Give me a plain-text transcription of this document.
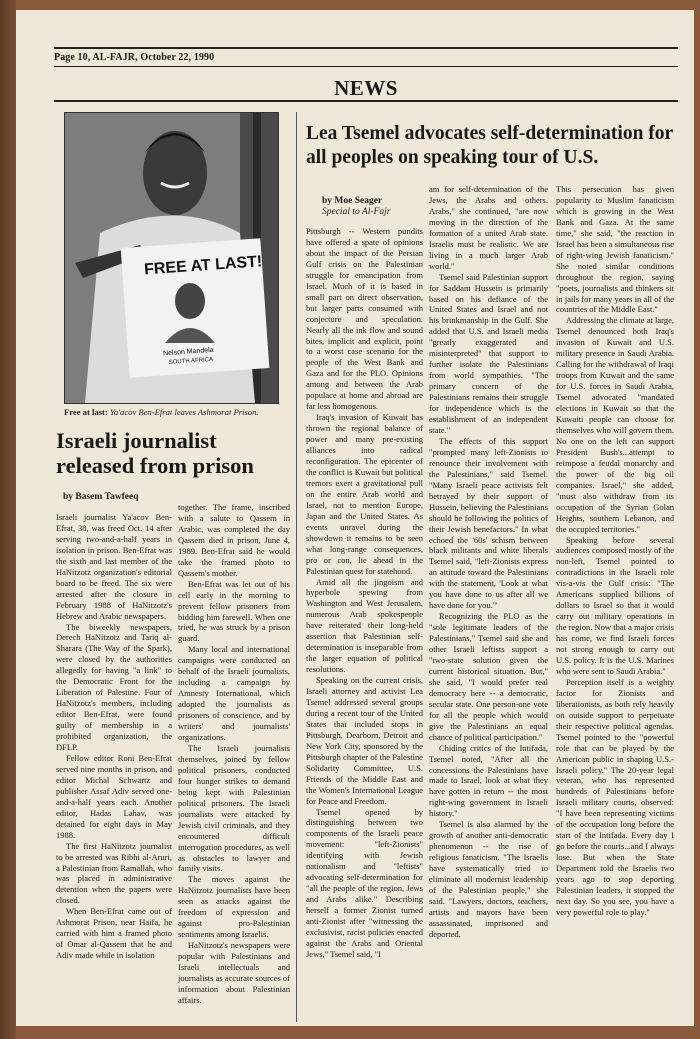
Page 10, AL-FAJR, October 22, 1990
NEWS
FREE AT LAST!
Nelson Mandela
SOUTH AFRICA
Free at last: Ya'acov Ben-Efrat leaves Ashmorat Prison.
Israeli journalist released from prison
by Basem Tawfeeq

Israeli journalist Ya'acov Ben-Efrat, 38, was freed Oct. 14 after serving two-and-a-half years in isolation in prison. Ben-Efrat was the sixth and last member of the HaNitzotz organization's editorial board to be freed. The six were arrested after the closure in February 1988 of HaNitzotz's Hebrew and Arabic newspapers.

The biweekly newspapers, Derech HaNitzotz and Tariq al-Sharara (The Way of the Spark), were closed by the authorities allegedly for having "a link" to the Democratic Front for the Liberation of Palestine. Four of HaNitzotz's members, including editor Ben-Efrat, were found guilty of membership in a prohibited organization, the DFLP.

Fellow editor Roni Ben-Efrat served nine months in prison, and editor Michal Schwartz and publisher Assaf Adiv served one-and-a-half years each. Another editor, Hadas Lahav, was detained for eight days in May 1988.

The first HaNitzotz journalist to be arrested was Ribhi al-Aruri, a Palestinian from Ramallah, who was placed in administrative detention when the papers were closed.

When Ben-Efrat came out of Ashmorat Prison, near Haifa, he carried with him a framed photo of Omar al-Qassem that he and Adiv made while in isolation

together. The frame, inscribed with a salute to Qassem in Arabic, was completed the day Qassem died in prison, June 4, 1989. Ben-Efrat said he would take the framed photo to Qassem's mother.

Ben-Efrat was let out of his cell early in the morning to prevent fellow prisoners from bidding him farewell. When one tried, he was struck by a prison guard.

Many local and international campaigns were conducted on behalf of the Israeli journalists, including a campaign by Amnesty International, which adopted the journalists as prisoners of conscience, and by writers' and journalists' organizations.

The Israeli journalists themselves, joined by fellow political prisoners, conducted four hunger strikes to demand being kept with Palestinian political prisoners. The Israeli journalists were attacked by Jewish civil criminals, and they encountered difficult interrogation procedures, as well as obstacles to lawyer and family visits.

The moves against the HaNitzotz journalists have been seen as attacks against the freedom of expression and against pro-Palestinian sentiments among Israelis.

HaNitzotz's newspapers were popular with Palestinians and Israeli intellectuals and journalists as accurate sources of information about Palestinian affairs.

Lea Tsemel advocates self-determination for all peoples on speaking tour of U.S.
by Moe Seager
Special to Al-Fajr

Pittsburgh -- Western pundits have offered a spate of opinions about the impact of the Persian Gulf crisis on the Palestinian struggle for emancipation from Israel. Much of it is based in small part on direct observation, but larger parts consumed with conjecture and speculation. Nearly all the ink flow and sound bites, implicit and explicit, point to a worst case scenario for the people of the West Bank and Gaza and for the PLO. Opinions among and between the Arab populace at home and abroad are far less homogenous.

Iraq's invasion of Kuwait has thrown the regional balance of power and many pre-existing alliances into radical reconfiguration. The epicenter of the conflict is Kuwait but political tremors exert a gravitational pull on the entire Arab world and Israel, not to mention Europe, Japan and the United States. As events unravel during the showdown it remains to be seen what long-range consequences, pro or con, lie ahead in the Palestinian quest for statehood.

Amid all the jingoism and hyperbole spewing from Washington and West Jerusalem, numerous Arab spokespeople have reiterated their long-held assertion that Palestinian self-determination is inseparable from the larger equation of political resolutions.

Speaking on the current crisis, Israeli attorney and activist Lea Tsemel addressed several groups during a recent tour of the United States that included stops in Pittsburgh, Dearborn, Detroit and New York City, sponsored by the Pittsburgh chapter of the Palestine Solidarity Committee, U.S. Friends of the Middle East and the Women's International League for Peace and Freedom.

Tsemel opened by distinguishing between two components of the Israeli peace movement: "left-Zionists" identifying with Jewish nationalism and "leftists" advocating self-determination for "all the people of the region, Jews and Arabs alike." Describing herself a former Zionist turned anti-Zionist after "witnessing the exclusivist, racist policies enacted against the Arabs and Oriental Jews," Tsemel said, "I

am for self-determination of the Jews, the Arabs and others. Arabs," she continued, "are now moving in the direction of the formation of a united Arab state. Israelis must be realistic. We are living in a much larger Arab world."

Tsemel said Palestinian support for Saddam Hussein is primarily based on his defiance of the United States and Israel and not his brinkmanship in the Gulf. She added that U.S. and Israeli media "greatly exaggerated and misinterpreted" that support to further isolate the Palestinians from world sympathies. "The primary concern of the Palestinians remains their struggle for independence which is the establishment of an independent state."

The effects of this support "prompted many left-Zionists to renounce their involvement with the Palestinians," said Tsemel. "Many Israeli peace activists felt betrayed by their support of Hussein, believing the Palestinians should be following the politics of their Jewish benefactors." In what echoed the '60s' schism between black militants and white liberals Tsemel said, "left-Zionists express an attitude toward the Palestinians with the statement, 'Look at what you have done to us after all we have done for you.'"

Recognizing the PLO as the "sole legitimate leaders of the Palestinians," Tsemel said she and other Israeli leftists support a "two-state solution given the current historical situation. But," she said, "I would prefer real democracy here -- a democratic, secular state. One person-one vote for all the people which would give the Palestinians an equal chance of political participation."

Chiding critics of the Intifada, Tsemel noted, "After all the concessions the Palestinians have made to Israel, look at what they have gotten in return -- the most right-wing government in Israeli history."

Tsemel is also alarmed by the growth of another anti-democratic phenomenon -- the rise of religious fanaticism. "The Israelis have systematically tried to eliminate all modernist leadership of the Palestinian people," she said. "Lawyers, doctors, teachers, artists and mayors have been assassinated, imprisoned and deported.

This persecution has given popularity to Muslim fanaticism which is growing in the West Bank and Gaza. At the same time," she said, "the reaction in Israel has been a simultaneous rise of right-wing Jewish fanaticism." She noted similar conditions throughout the region, saying "poets, journalists and thinkers sit in jails for many years in all of the countries of the Middle East."

Addressing the climate at large, Tsemel denounced both Iraq's invasion of Kuwait and U.S. military presence in Saudi Arabia. Calling for the withdrawal of Iraqi troops from Kuwait and the same for U.S. forces in Saudi Arabia, Tsemel advocated "mandated elections in Kuwait so that the Kuwaiti people can choose for themselves who will govern them. No one on the left can support President Bush's...attempt to reimpose a feudal monarchy and the power of the big oil companies. Israel," she added, "must also withdraw from its occupation of the Syrian Golan Heights, southern Lebanon, and the occupied territories."

Speaking before several audiences composed mostly of the non-left, Tsemel pointed to contradictions in the Israeli role vis-a-vis the Gulf crisis: "The Americans supplied billions of dollars to Israel so that it would carry out military operations in the region. Now that a major crisis has come, we find Israeli forces not strong enough to carry out U.S. policy. It is the U.S. Marines who were sent to Saudi Arabia."

Perception itself is a weighty factor for Zionists and liberationists, as both rely heavily on outside support to perpetuate their respective political agendas. Tsemel pointed to the "powerful role that can be played by the American public in shaping U.S.-Israeli policy." The 20-year legal veteran, who has represented hundreds of Palestinians before Israeli military courts, observed: "I have been representing victims of the occupation long before the start of the Intifada. Every day I go before the courts...and I always lose. But when the State Department told the Israelis two years ago to stop deporting Palestinian leaders, it stopped the next day. So you see, you have a very powerful role to play."
